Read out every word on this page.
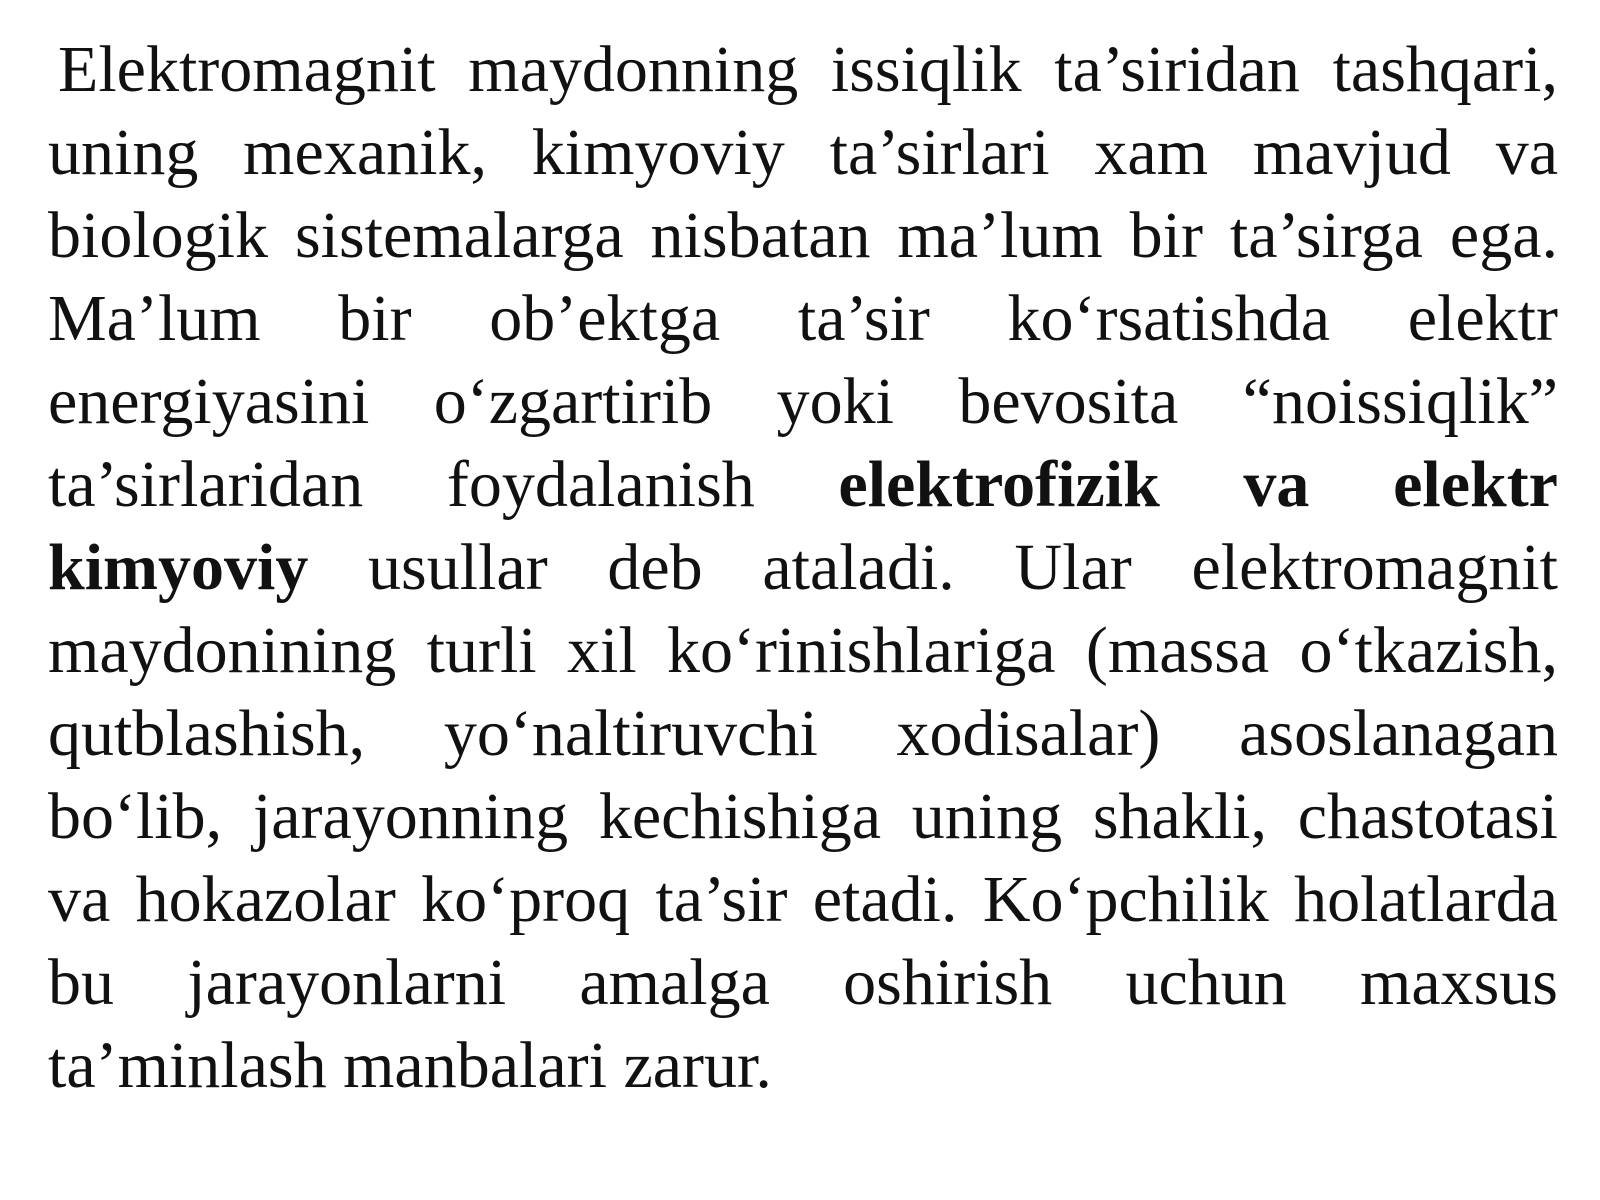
Elektromagnit maydonning issiqlik ta’siridan tashqari, uning mexanik, kimyoviy ta’sirlari xam mavjud va biologik sistemalarga nisbatan ma’lum bir ta’sirga ega. Ma’lum bir ob’ektga ta’sir ko‘rsatishda elektr energiyasini o‘zgartirib yoki bevosita “noissiqlik” ta’sirlaridan foydalanish elektrofizik va elektr kimyoviy usullar deb ataladi. Ular elektromagnit maydonining turli xil ko‘rinishlariga (massa o‘tkazish, qutblashish, yo‘naltiruvchi xodisalar) asoslanagan bo‘lib, jarayonning kechishiga uning shakli, chastotasi va hokazolar ko‘proq ta’sir etadi. Ko‘pchilik holatlarda bu jarayonlarni amalga oshirish uchun maxsus ta’minlash manbalari zarur.
